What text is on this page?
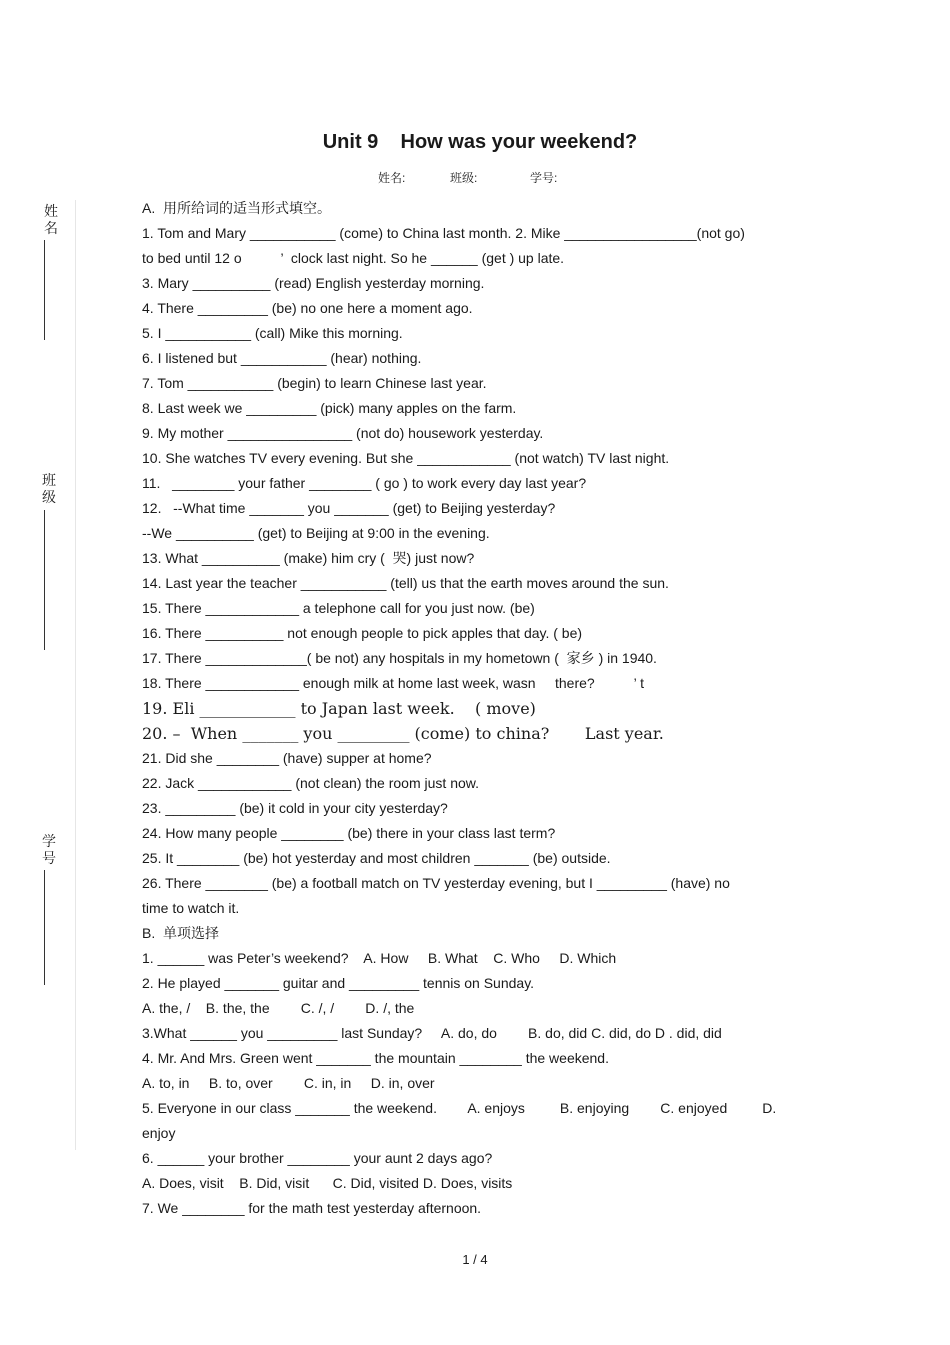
Unit 9    How was your weekend?
姓名:	班级:	学号:
姓名
班级
学号
A.  用所给词的适当形式填空。
1. Tom and Mary ___________ (come) to China last month. 2. Mike _________________(not go)
to bed until 12 o          ’  clock last night. So he ______ (get ) up late.
3. Mary __________ (read) English yesterday morning.
4. There _________ (be) no one here a moment ago.
5. I ___________ (call) Mike this morning.
6. I listened but ___________ (hear) nothing.
7. Tom ___________ (begin) to learn Chinese last year.
8. Last week we _________ (pick) many apples on the farm.
9. My mother ________________ (not do) housework yesterday.
10. She watches TV every evening. But she ____________ (not watch) TV last night.
11.   ________ your father ________ ( go ) to work every day last year?
12.   --What time _______ you _______ (get) to Beijing yesterday?
--We __________ (get) to Beijing at 9:00 in the evening.
13. What __________ (make) him cry (  哭) just now?
14. Last year the teacher ___________ (tell) us that the earth moves around the sun.
15. There ____________ a telephone call for you just now. (be)
16. There __________ not enough people to pick apples that day. ( be)
17. There _____________( be not) any hospitals in my hometown (  家乡 ) in 1940.
18. There ____________ enough milk at home last week, wasn     there?          ’ t
19. Eli ____________ to Japan last week.    ( move)
20. –  When _______ you _________ (come) to china?       Last year.
21. Did she ________ (have) supper at home?
22. Jack ____________ (not clean) the room just now.
23. _________ (be) it cold in your city yesterday?
24. How many people ________ (be) there in your class last term?
25. It ________ (be) hot yesterday and most children _______ (be) outside.
26. There ________ (be) a football match on TV yesterday evening, but I _________ (have) no
time to watch it.
B.  单项选择
1. ______ was Peter’s weekend?    A. How     B. What    C. Who     D. Which
2. He played _______ guitar and _________ tennis on Sunday.
A. the, /    B. the, the        C. /, /        D. /, the
3.What ______ you _________ last Sunday?     A. do, do        B. do, did C. did, do D . did, did
4. Mr. And Mrs. Green went _______ the mountain ________ the weekend.
A. to, in     B. to, over        C. in, in     D. in, over
5. Everyone in our class _______ the weekend.        A. enjoys         B. enjoying        C. enjoyed         D.
enjoy
6. ______ your brother ________ your aunt 2 days ago?
A. Does, visit    B. Did, visit      C. Did, visited D. Does, visits
7. We ________ for the math test yesterday afternoon.
1 / 4
